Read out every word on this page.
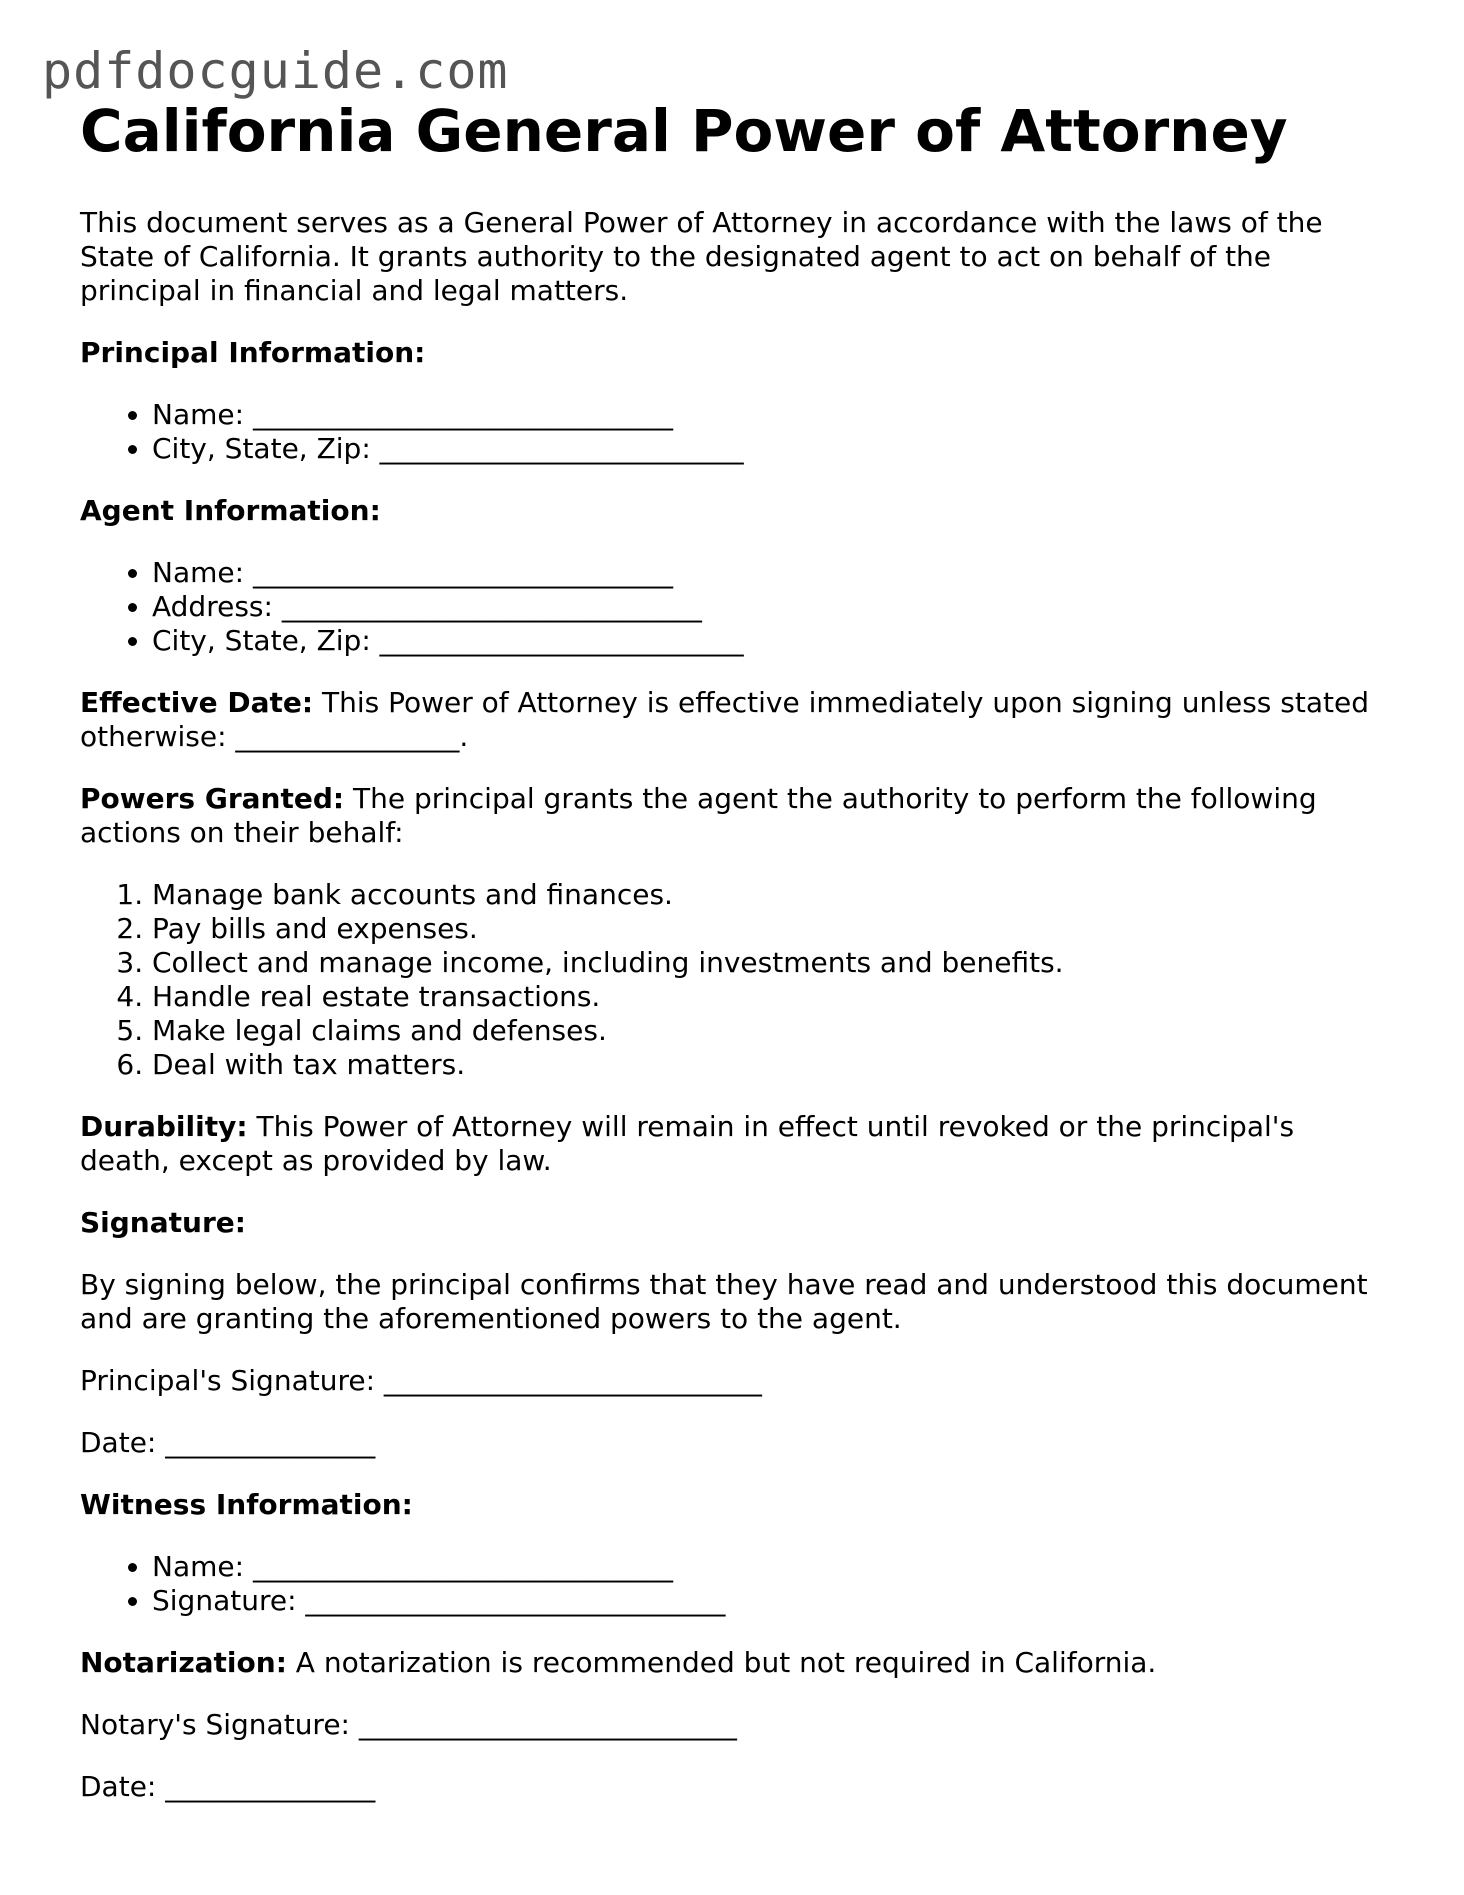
pdfdocguide.com
California General Power of Attorney

This document serves as a General Power of Attorney in accordance with the laws of the State of California. It grants authority to the designated agent to act on behalf of the principal in financial and legal matters.

Principal Information:
• Name: ______________________________
• City, State, Zip: __________________________
Agent Information:
• Name: ______________________________
• Address: ______________________________
• City, State, Zip: __________________________

Effective Date: This Power of Attorney is effective immediately upon signing unless stated otherwise: ________________.

Powers Granted: The principal grants the agent the authority to perform the following actions on their behalf:

1. Manage bank accounts and finances.
2. Pay bills and expenses.
3. Collect and manage income, including investments and benefits.
4. Handle real estate transactions.
5. Make legal claims and defenses.
6. Deal with tax matters.

Durability: This Power of Attorney will remain in effect until revoked or the principal's death, except as provided by law.

Signature:

By signing below, the principal confirms that they have read and understood this document and are granting the aforementioned powers to the agent.

Principal's Signature: ___________________________

Date: _______________

Witness Information:
• Name: ______________________________
• Signature: ______________________________

Notarization: A notarization is recommended but not required in California.

Notary's Signature: ___________________________

Date: _______________
